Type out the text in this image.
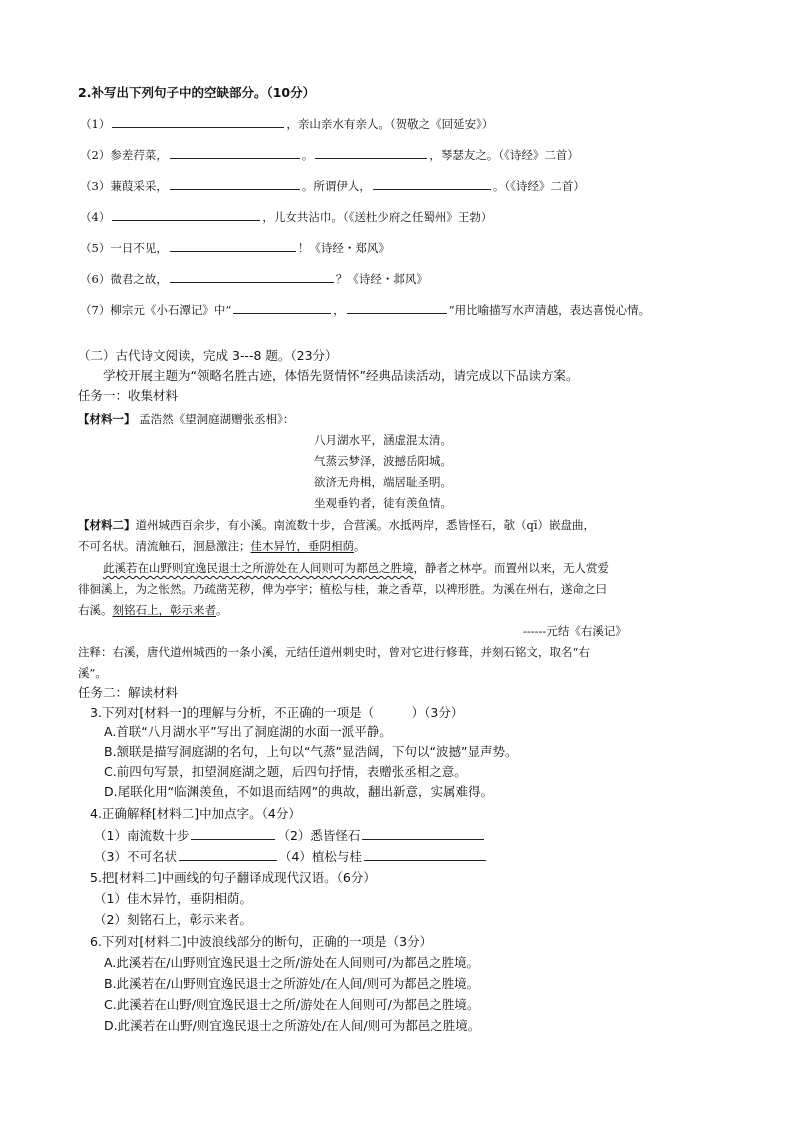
2.补写出下列句子中的空缺部分。（10分）
（1）	，亲山亲水有亲人。（贺敬之《回延安》）
（2）参差荇菜，	。	，琴瑟友之。（《诗经》二首）
（3）蒹葭采采，	。所谓伊人，	。（《诗经》二首）
（4）	，儿女共沾巾。（《送杜少府之任蜀州》王勃）
（5）一日不见，	！《诗经・郑风》
（6）微君之故，	？《诗经・邶风》
（7）柳宗元《小石潭记》中“	，	”用比喻描写水声清越，表达喜悦心情。
（二）古代诗文阅读，完成 3---8 题。（23分）
学校开展主题为“领略名胜古迹，体悟先贤情怀”经典品读活动，请完成以下品读方案。
任务一：收集材料
【材料一】 孟浩然《望洞庭湖赠张丞相》：
八月湖水平，涵虚混太清。
气蒸云梦泽，波撼岳阳城。
欲济无舟楫，端居耻圣明。
坐观垂钓者，徒有羡鱼情。
【材料二】道州城西百余步，有小溪。南流数十步，合营溪。水抵两岸，悉皆怪石，欹（qī）嵌盘曲，
不可名状。清流触石，洄悬激注；佳木异竹，垂阴相荫。
此溪若在山野则宜逸民退士之所游处在人间则可为都邑之胜境，静者之林亭。而置州以来，无人赏爱
徘徊溪上，为之怅然。乃疏凿芜秽，俾为亭宇；植松与桂，兼之香草，以裨形胜。为溪在州右，遂命之曰
右溪。刻铭石上，彰示来者。
------元结《右溪记》
注释：右溪，唐代道州城西的一条小溪，元结任道州刺史时，曾对它进行修葺，并刻石铭文，取名“右
溪”。
任务二：解读材料
3.下列对[材料一]的理解与分析，不正确的一项是（　　　）（3分）
A.首联“八月湖水平”写出了洞庭湖的水面一派平静。
B.颔联是描写洞庭湖的名句，上句以“气蒸”显浩阔，下句以“波撼”显声势。
C.前四句写景，扣望洞庭湖之题，后四句抒情，表赠张丞相之意。
D.尾联化用“临渊羡鱼，不如退而结网”的典故，翻出新意，实属难得。
4.正确解释[材料二]中加点字。（4分）
（1）南流数十步	（2）悉皆怪石
（3）不可名状	（4）植松与桂
5.把[材料二]中画线的句子翻译成现代汉语。（6分）
（1）佳木异竹，垂阴相荫。
（2）刻铭石上，彰示来者。
6.下列对[材料二]中波浪线部分的断句，正确的一项是（3分）
A.此溪若在/山野则宜逸民退士之所/游处在人间则可/为都邑之胜境。
B.此溪若在/山野则宜逸民退士之所游处/在人间/则可为都邑之胜境。
C.此溪若在山野/则宜逸民退士之所/游处在人间则可/为都邑之胜境。
D.此溪若在山野/则宜逸民退士之所游处/在人间/则可为都邑之胜境。
